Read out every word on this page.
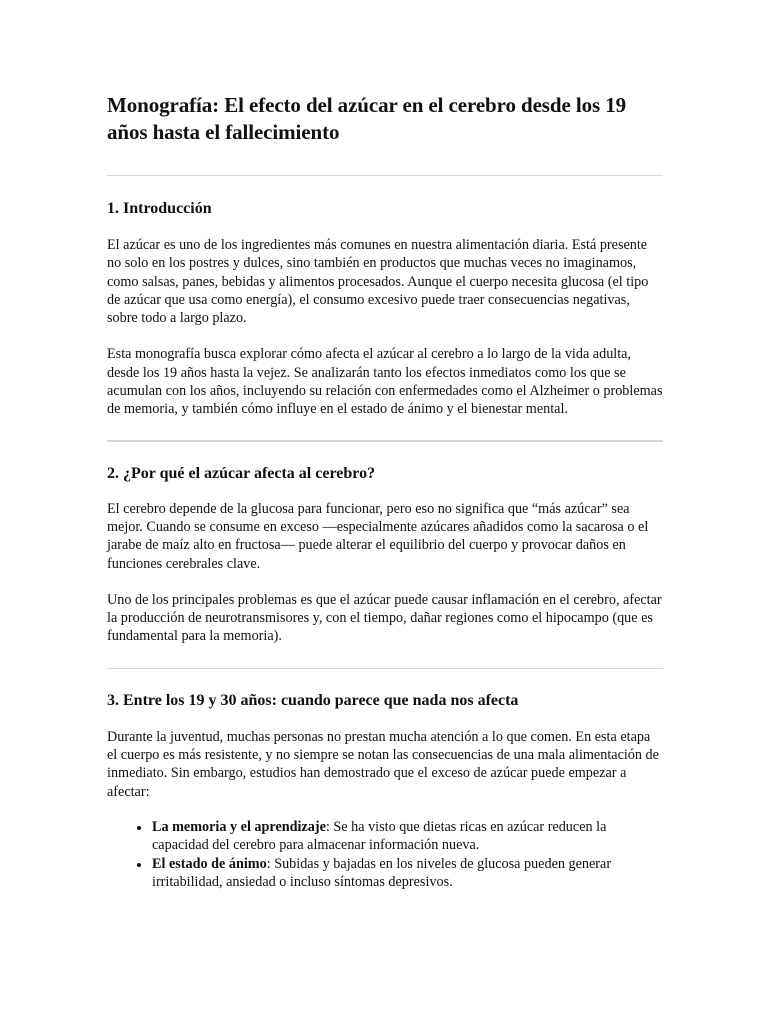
Monografía: El efecto del azúcar en el cerebro desde los 19 años hasta el fallecimiento
1. Introducción

El azúcar es uno de los ingredientes más comunes en nuestra alimentación diaria. Está presente no solo en los postres y dulces, sino también en productos que muchas veces no imaginamos, como salsas, panes, bebidas y alimentos procesados. Aunque el cuerpo necesita glucosa (el tipo de azúcar que usa como energía), el consumo excesivo puede traer consecuencias negativas, sobre todo a largo plazo.

Esta monografía busca explorar cómo afecta el azúcar al cerebro a lo largo de la vida adulta, desde los 19 años hasta la vejez. Se analizarán tanto los efectos inmediatos como los que se acumulan con los años, incluyendo su relación con enfermedades como el Alzheimer o problemas de memoria, y también cómo influye en el estado de ánimo y el bienestar mental.

2. ¿Por qué el azúcar afecta al cerebro?

El cerebro depende de la glucosa para funcionar, pero eso no significa que “más azúcar” sea mejor. Cuando se consume en exceso —especialmente azúcares añadidos como la sacarosa o el jarabe de maíz alto en fructosa— puede alterar el equilibrio del cuerpo y provocar daños en funciones cerebrales clave.

Uno de los principales problemas es que el azúcar puede causar inflamación en el cerebro, afectar la producción de neurotransmisores y, con el tiempo, dañar regiones como el hipocampo (que es fundamental para la memoria).

3. Entre los 19 y 30 años: cuando parece que nada nos afecta

Durante la juventud, muchas personas no prestan mucha atención a lo que comen. En esta etapa el cuerpo es más resistente, y no siempre se notan las consecuencias de una mala alimentación de inmediato. Sin embargo, estudios han demostrado que el exceso de azúcar puede empezar a afectar:

• La memoria y el aprendizaje: Se ha visto que dietas ricas en azúcar reducen la capacidad del cerebro para almacenar información nueva.
• El estado de ánimo: Subidas y bajadas en los niveles de glucosa pueden generar irritabilidad, ansiedad o incluso síntomas depresivos.
